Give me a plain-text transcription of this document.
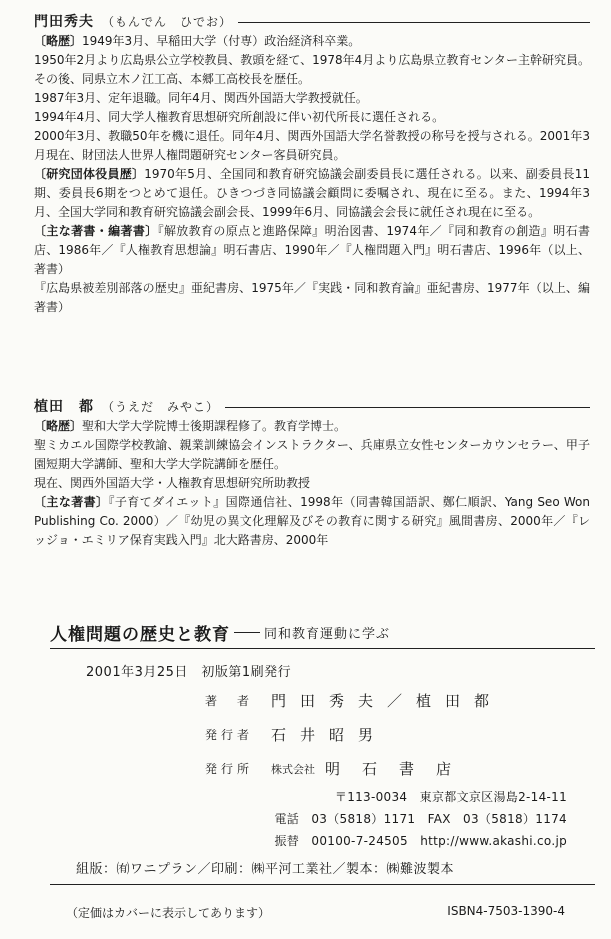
門田秀夫 （もんでん　ひでお）

〔略歴〕1949年3月、早稲田大学（付専）政治経済科卒業。

1950年2月より広島県公立学校教員、教頭を経て、1978年4月より広島県立教育センター主幹研究員。その後、同県立木ノ江工高、本郷工高校長を歴任。

1987年3月、定年退職。同年4月、関西外国語大学教授就任。

1994年4月、同大学人権教育思想研究所創設に伴い初代所長に選任される。

2000年3月、教職50年を機に退任。同年4月、関西外国語大学名誉教授の称号を授与される。2001年3月現在、財団法人世界人権問題研究センター客員研究員。

〔研究団体役員歴〕1970年5月、全国同和教育研究協議会副委員長に選任される。以来、副委員長11期、委員長6期をつとめて退任。ひきつづき同協議会顧問に委嘱され、現在に至る。また、1994年3月、全国大学同和教育研究協議会副会長、1999年6月、同協議会会長に就任され現在に至る。

〔主な著書・編著書〕『解放教育の原点と進路保障』明治図書、1974年／『同和教育の創造』明石書店、1986年／『人権教育思想論』明石書店、1990年／『人権問題入門』明石書店、1996年（以上、著書）

『広島県被差別部落の歴史』亜紀書房、1975年／『実践・同和教育論』亜紀書房、1977年（以上、編著書）

植田　都 （うえだ　みやこ）

〔略歴〕聖和大学大学院博士後期課程修了。教育学博士。

聖ミカエル国際学校教諭、親業訓練協会インストラクター、兵庫県立女性センターカウンセラー、甲子園短期大学講師、聖和大学大学院講師を歴任。

現在、関西外国語大学・人権教育思想研究所助教授

〔主な著書〕『子育てダイエット』国際通信社、1998年（同書韓国語訳、鄭仁順訳、Yang Seo Won Publishing Co. 2000）／『幼児の異文化理解及びその教育に関する研究』風間書房、2000年／『レッジョ・エミリア保育実践入門』北大路書房、2000年

人権問題の歴史と教育	同和教育運動に学ぶ
2001年3月25日　初版第1刷発行
著　者	門田秀夫／植田都
発行者	石井昭男
発行所	株式会社 明石書店
〒113-0034　東京都文京区湯島2-14-11
電話　03（5818）1171　FAX　03（5818）1174
振替　00100-7-24505　http://www.akashi.co.jp
組版：㈲ワニプラン／印刷：㈱平河工業社／製本：㈱難波製本
（定価はカバーに表示してあります）	ISBN4-7503-1390-4
